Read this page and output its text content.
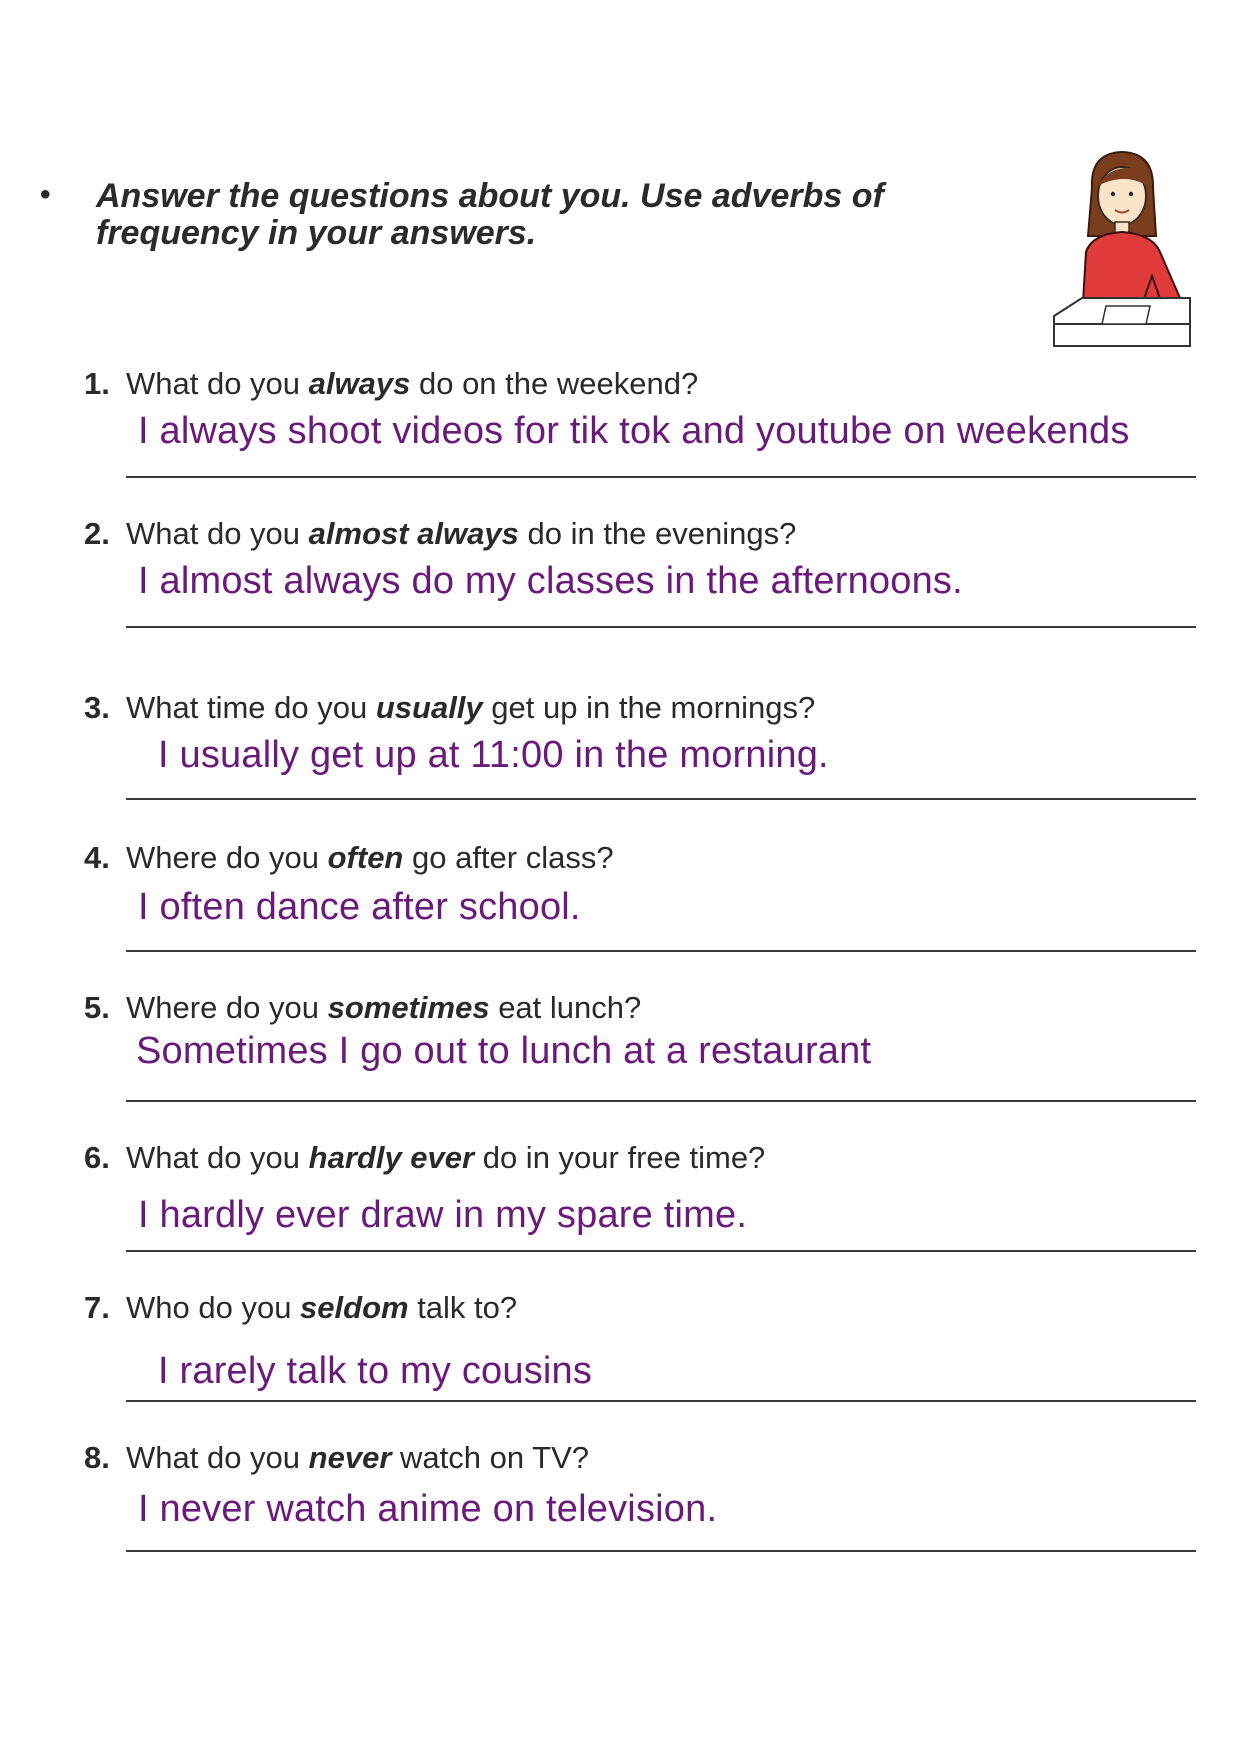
• Answer the questions about you. Use adverbs of frequency in your answers.
1. What do you always do on the weekend?
I always shoot videos for tik tok and youtube on weekends
2. What do you almost always do in the evenings?
I almost always do my classes in the afternoons.
3. What time do you usually get up in the mornings?
I usually get up at 11:00 in the morning.
4. Where do you often go after class?
I often dance after school.
5. Where do you sometimes eat lunch?
Sometimes I go out to lunch at a restaurant
6. What do you hardly ever do in your free time?
I hardly ever draw in my spare time.
7. Who do you seldom talk to?
I rarely talk to my cousins
8. What do you never watch on TV?
I never watch anime on television.
